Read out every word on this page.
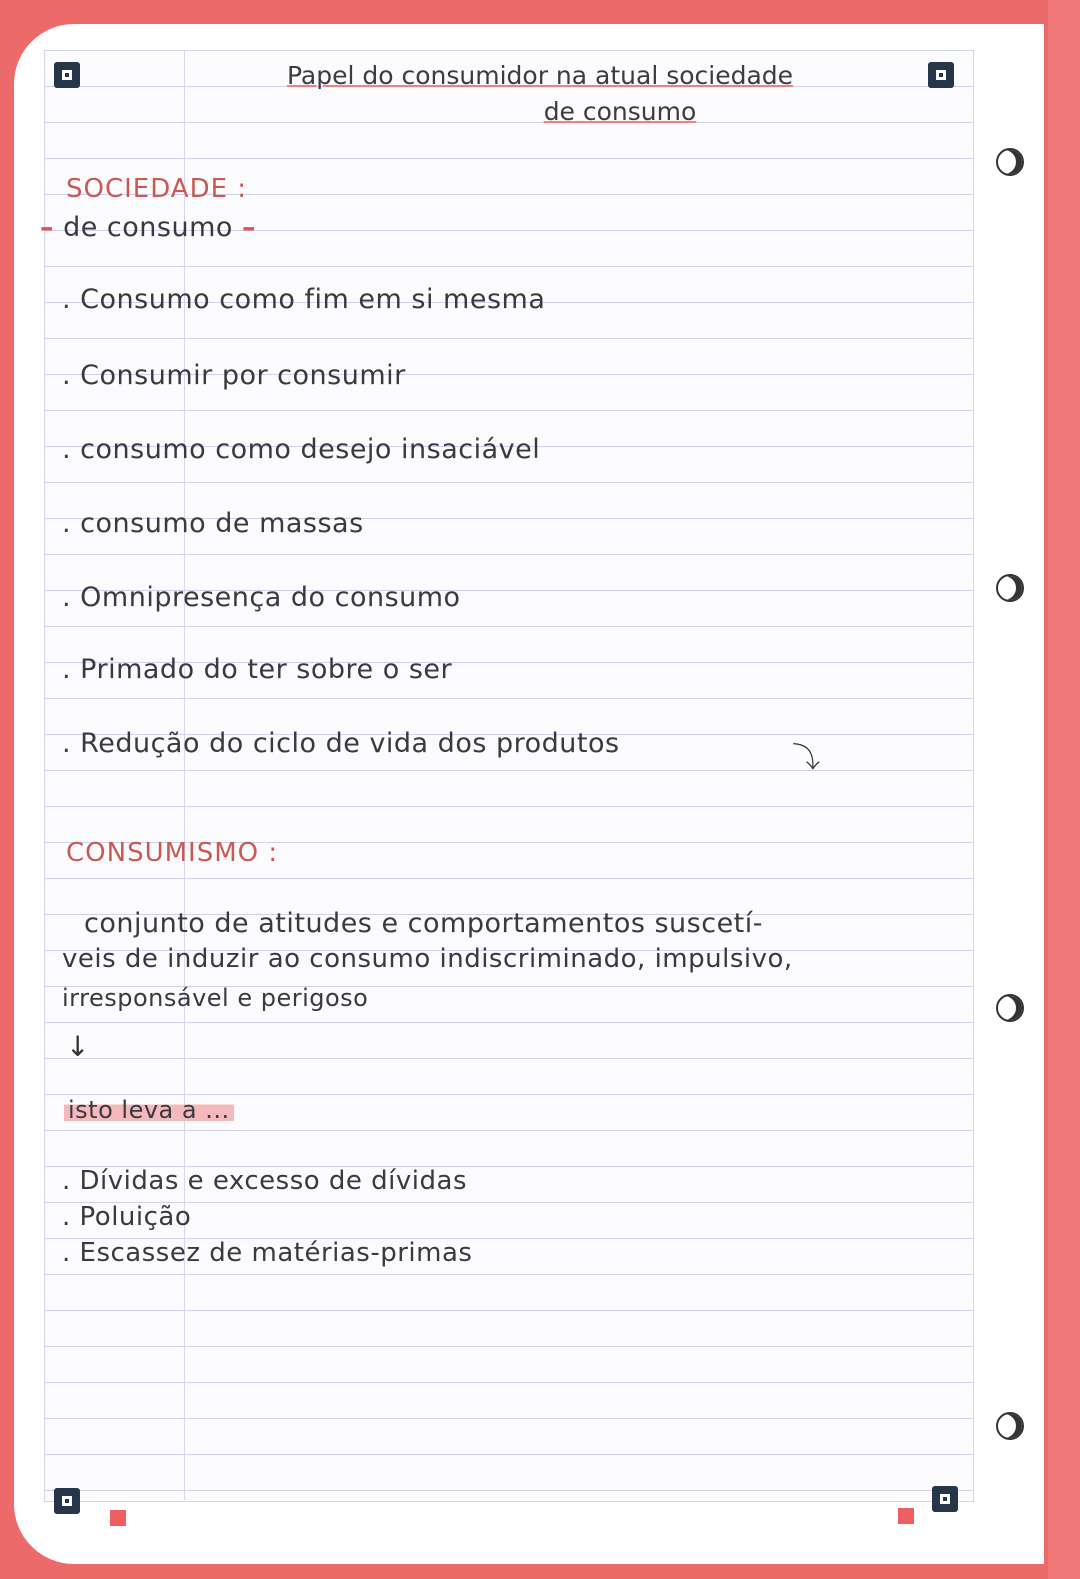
Papel do consumidor na atual sociedade
de consumo
SOCIEDADE :
– de consumo –
. Consumo como fim em si mesma
. Consumir por consumir
. consumo como desejo insaciável
. consumo de massas
. Omnipresença do consumo
. Primado do ter sobre o ser
. Redução do ciclo de vida dos produtos	⤵
CONSUMISMO :
conjunto de atitudes e comportamentos suscetí-
veis de induzir ao consumo indiscriminado, impulsivo,
irresponsável e perigoso
↓
isto leva a ...
. Dívidas e excesso de dívidas
. Poluição
. Escassez de matérias-primas
